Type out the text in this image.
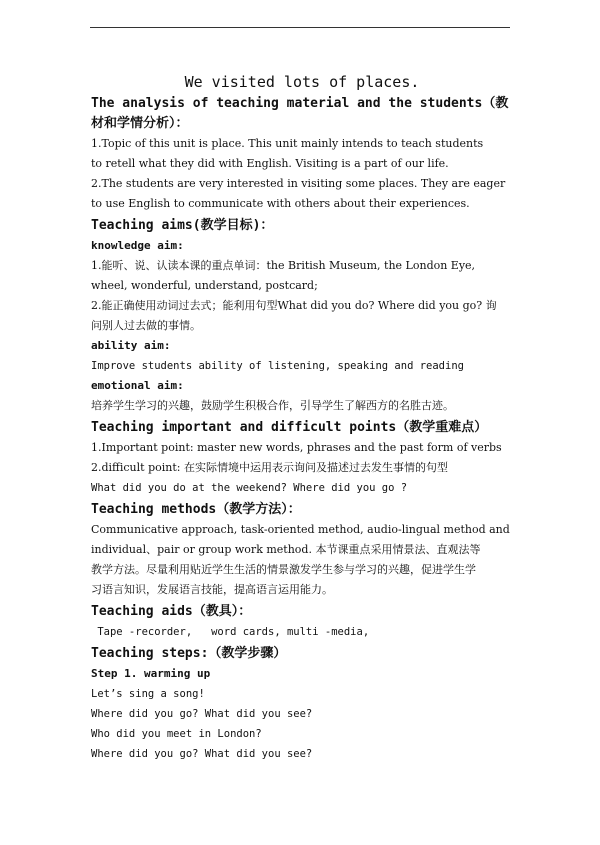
We visited lots of places.
The analysis of teaching material and the students（教材和学情分析）：
1.Topic of this unit is place. This unit mainly intends to teach students
to retell what they did with English. Visiting is a part of our life.
2.The students are very interested in visiting some places. They are eager
to use English to communicate with others about their experiences.
Teaching aims(教学目标)：
knowledge aim:
1.能听、说、认读本课的重点单词：the British Museum, the London Eye,
wheel, wonderful, understand, postcard;
2.能正确使用动词过去式；能利用句型What did you do? Where did you go? 询
问别人过去做的事情。
ability aim:
Improve students ability of listening, speaking and reading
emotional aim:
培养学生学习的兴趣，鼓励学生积极合作，引导学生了解西方的名胜古迹。
Teaching important and difficult points（教学重难点）
1.Important point: master new words, phrases and the past form of verbs
2.difficult point: 在实际情境中运用表示询问及描述过去发生事情的句型
What did you do at the weekend? Where did you go ?
Teaching methods（教学方法）：
Communicative approach, task-oriented method, audio-lingual method and
individual、pair or group work method. 本节课重点采用情景法、直观法等
教学方法。尽量利用贴近学生生活的情景激发学生参与学习的兴趣，促进学生学
习语言知识，发展语言技能，提高语言运用能力。
Teaching aids（教具）：
Tape -recorder,   word cards, multi -media,
Teaching steps:（教学步骤）
Step 1. warming up
Let’s sing a song!
Where did you go? What did you see?
Who did you meet in London?
Where did you go? What did you see?
